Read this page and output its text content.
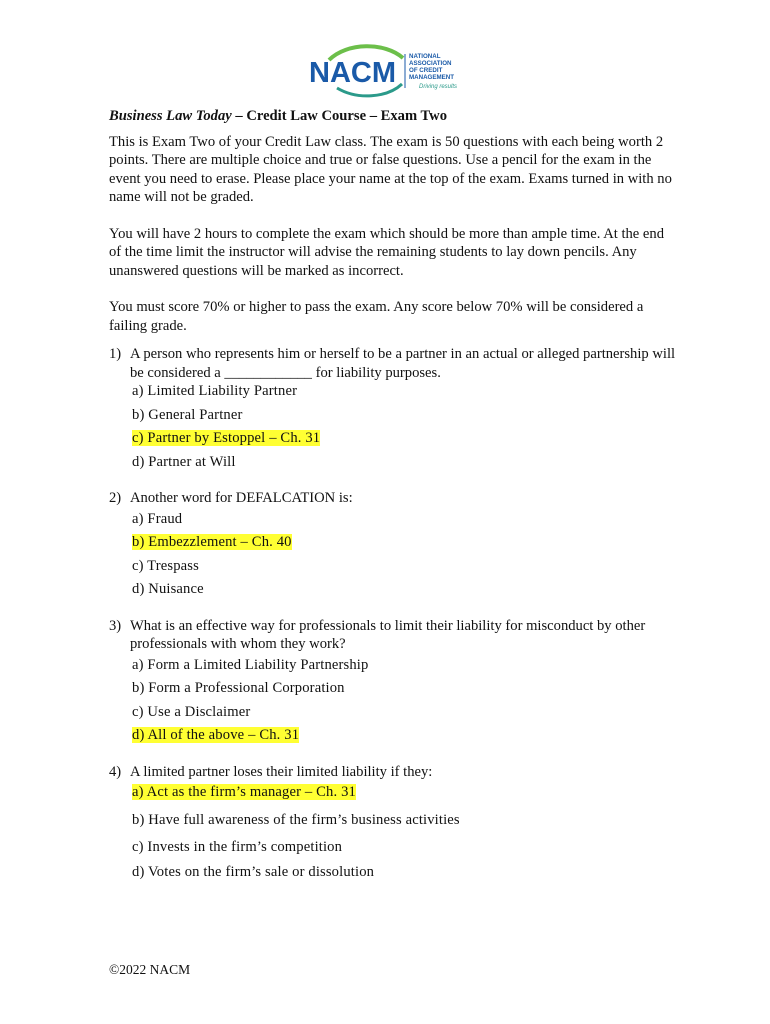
NACM
NATIONAL
ASSOCIATION
OF CREDIT
MANAGEMENT
Driving results

Business Law Today – Credit Law Course – Exam Two

This is Exam Two of your Credit Law class. The exam is 50 questions with each being worth 2 points. There are multiple choice and true or false questions. Use a pencil for the exam in the event you need to erase. Please place your name at the top of the exam. Exams turned in with no name will not be graded.

You will have 2 hours to complete the exam which should be more than ample time. At the end of the time limit the instructor will advise the remaining students to lay down pencils. Any unanswered questions will be marked as incorrect.

You must score 70% or higher to pass the exam. Any score below 70% will be considered a failing grade.

1) A person who represents him or herself to be a partner in an actual or alleged partnership will be considered a ____________ for liability purposes.

a) Limited Liability Partner
b) General Partner
c) Partner by Estoppel – Ch. 31
d) Partner at Will
2) Another word for DEFALCATION is:

a) Fraud
b) Embezzlement – Ch. 40
c) Trespass
d) Nuisance
3) What is an effective way for professionals to limit their liability for misconduct by other professionals with whom they work?

a) Form a Limited Liability Partnership
b) Form a Professional Corporation
c) Use a Disclaimer
d) All of the above – Ch. 31
4) A limited partner loses their limited liability if they:

a) Act as the firm’s manager – Ch. 31
b) Have full awareness of the firm’s business activities
c) Invests in the firm’s competition
d) Votes on the firm’s sale or dissolution
©2022 NACM
